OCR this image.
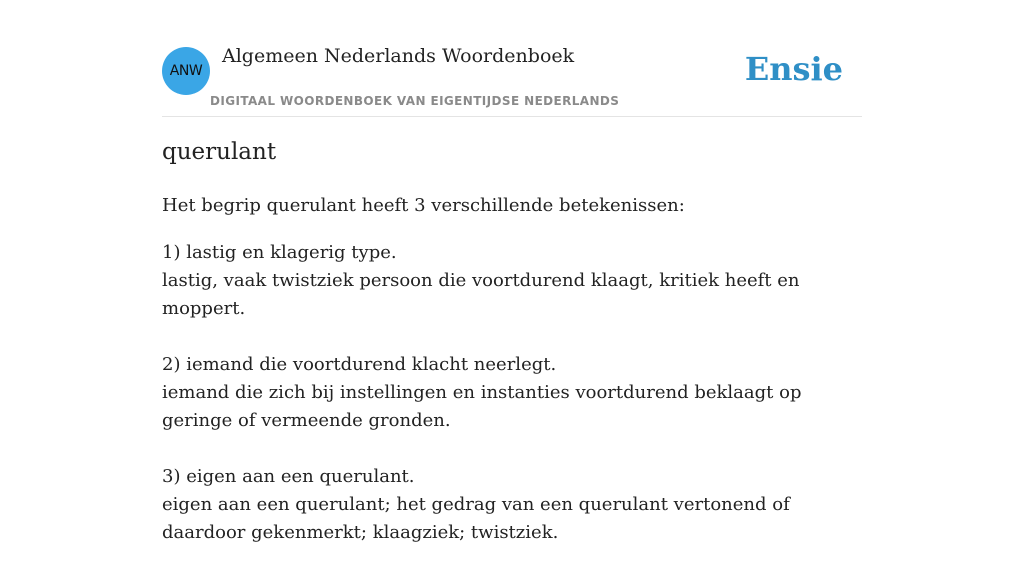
ANW
Algemeen Nederlands Woordenboek
DIGITAAL WOORDENBOEK VAN EIGENTIJDSE NEDERLANDS
Ensie
querulant

Het begrip querulant heeft 3 verschillende betekenissen:

1) lastig en klagerig type.
lastig, vaak twistziek persoon die voortdurend klaagt, kritiek heeft en moppert.
2) iemand die voortdurend klacht neerlegt.
iemand die zich bij instellingen en instanties voortdurend beklaagt op geringe of vermeende gronden.
3) eigen aan een querulant.
eigen aan een querulant; het gedrag van een querulant vertonend of daardoor gekenmerkt; klaagziek; twistziek.
